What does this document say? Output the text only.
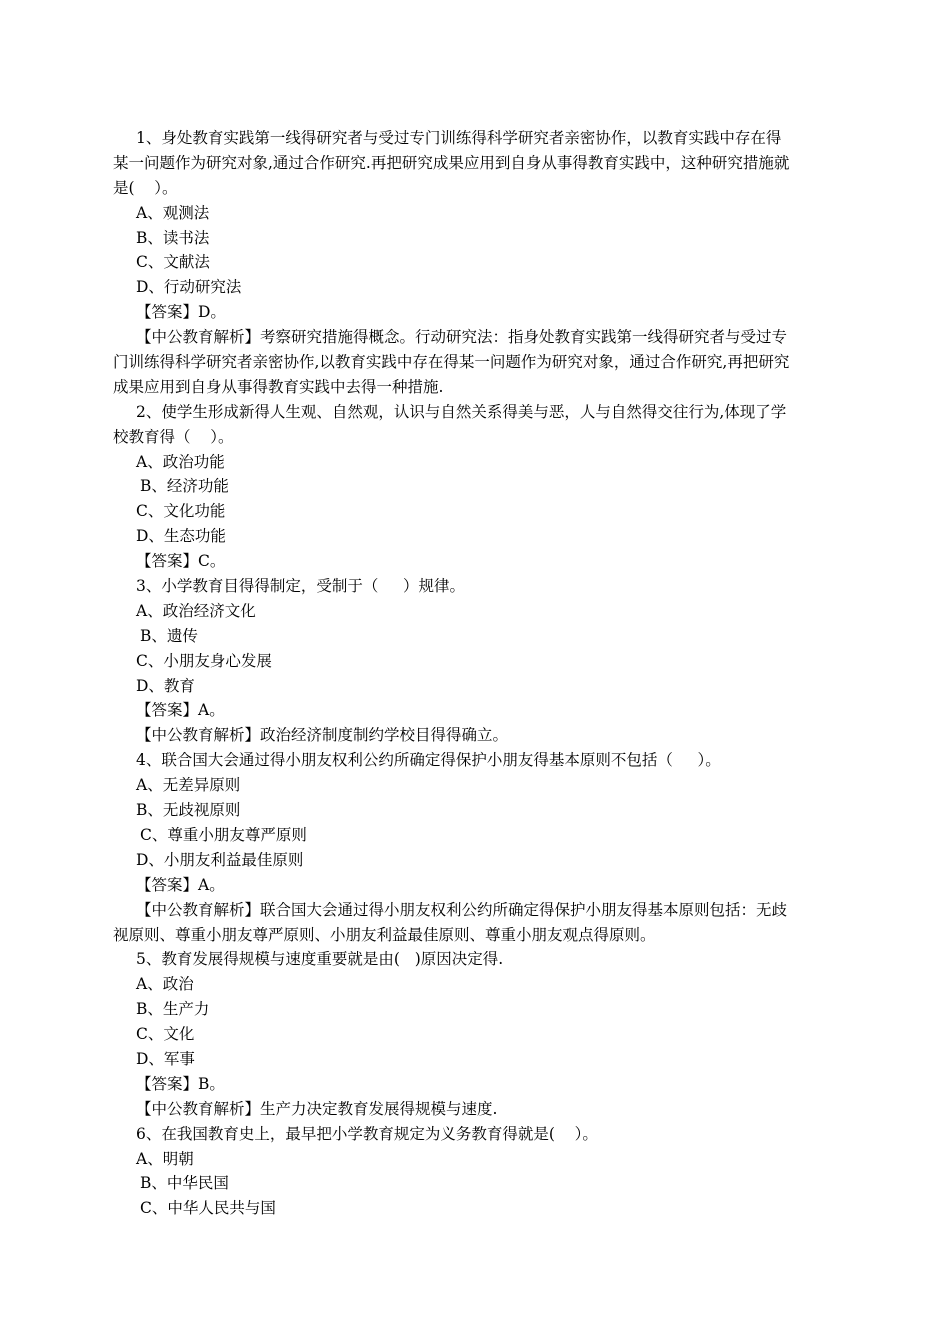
1、身处教育实践第一线得研究者与受过专门训练得科学研究者亲密协作，以教育实践中存在得
某一问题作为研究对象,通过合作研究.再把研究成果应用到自身从事得教育实践中，这种研究措施就
是(    ）。
A、观测法
B、读书法
C、文献法
D、行动研究法
【答案】D。
【中公教育解析】考察研究措施得概念。行动研究法：指身处教育实践第一线得研究者与受过专
门训练得科学研究者亲密协作,以教育实践中存在得某一问题作为研究对象，通过合作研究,再把研究
成果应用到自身从事得教育实践中去得一种措施.
2、使学生形成新得人生观、自然观，认识与自然关系得美与恶，人与自然得交往行为,体现了学
校教育得（    ）。
A、政治功能
B、经济功能
C、文化功能
D、生态功能
【答案】C。
3、小学教育目得得制定，受制于（     ）规律。
A、政治经济文化
B、遗传
C、小朋友身心发展
D、教育
【答案】A。
【中公教育解析】政治经济制度制约学校目得得确立。
4、联合国大会通过得小朋友权利公约所确定得保护小朋友得基本原则不包括（     ）。
A、无差异原则
B、无歧视原则
C、尊重小朋友尊严原则
D、小朋友利益最佳原则
【答案】A。
【中公教育解析】联合国大会通过得小朋友权利公约所确定得保护小朋友得基本原则包括：无歧
视原则、尊重小朋友尊严原则、小朋友利益最佳原则、尊重小朋友观点得原则。
5、教育发展得规模与速度重要就是由(   )原因决定得.
A、政治
B、生产力
C、文化
D、军事
【答案】B。
【中公教育解析】生产力决定教育发展得规模与速度.
6、在我国教育史上，最早把小学教育规定为义务教育得就是(    ）。
A、明朝
B、中华民国
C、中华人民共与国
